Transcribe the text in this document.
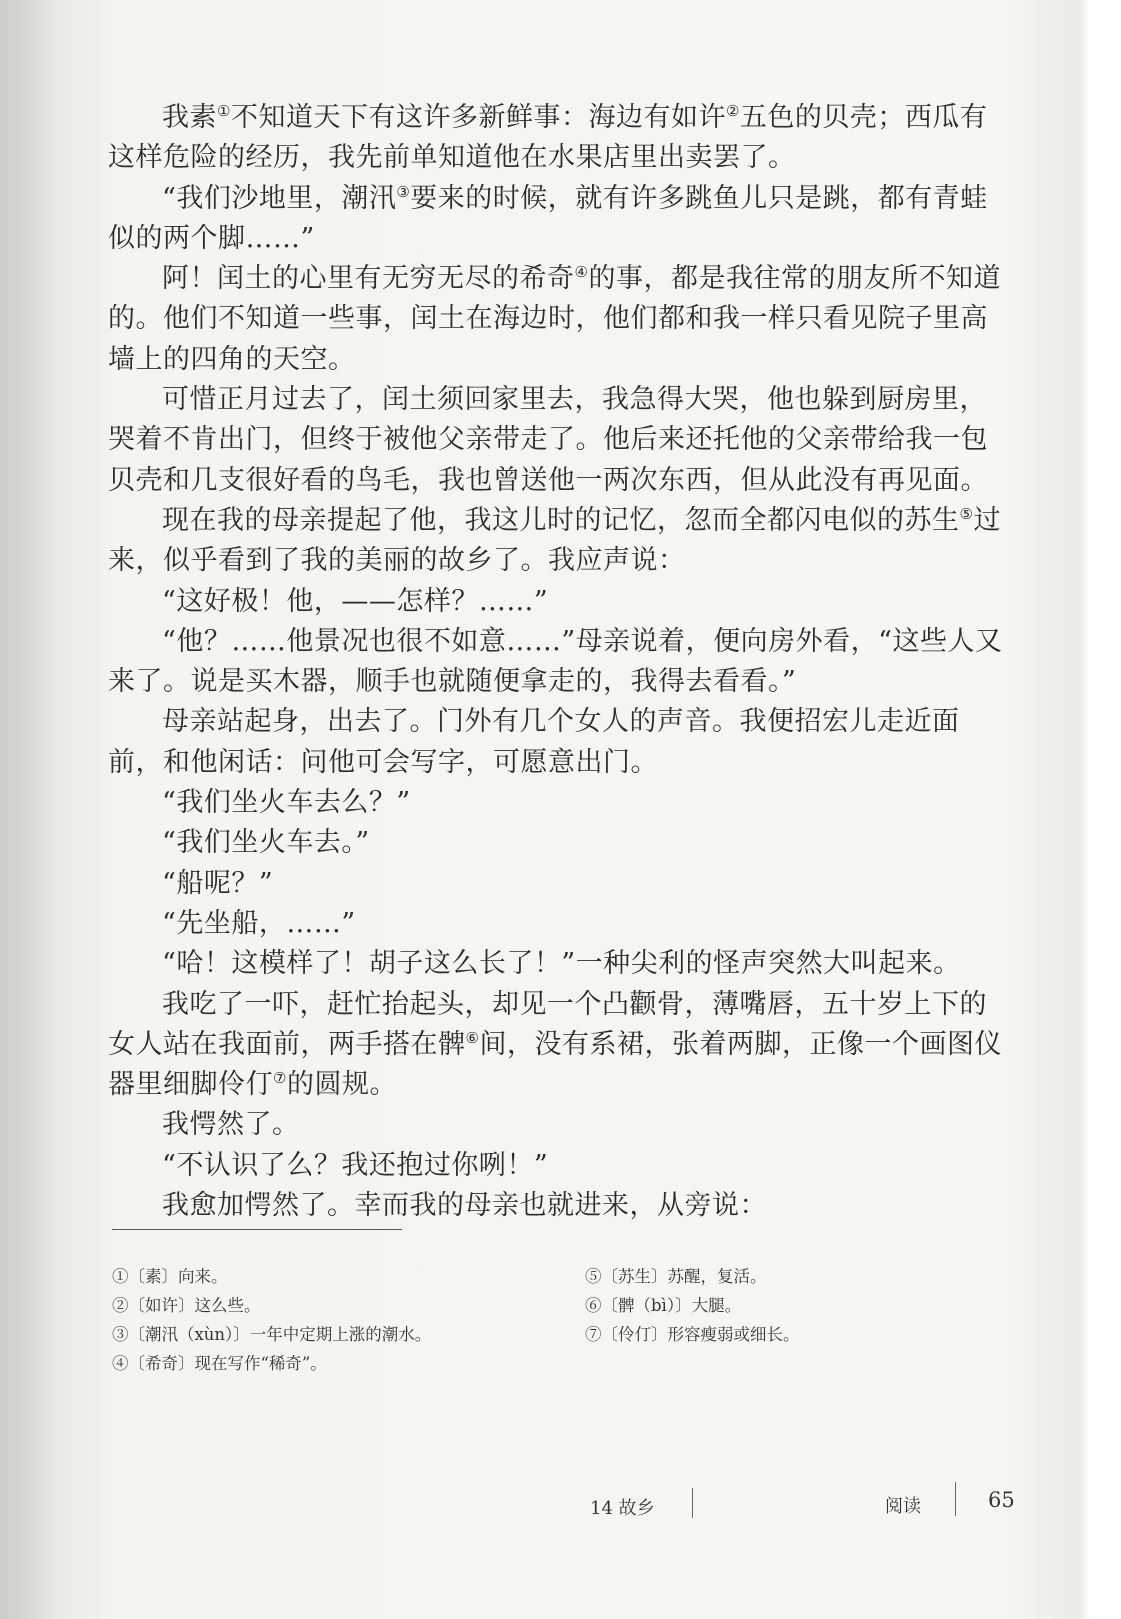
我素①不知道天下有这许多新鲜事：海边有如许②五色的贝壳；西瓜有这样危险的经历，我先前单知道他在水果店里出卖罢了。

“我们沙地里，潮汛③要来的时候，就有许多跳鱼儿只是跳，都有青蛙似的两个脚……”

阿！闰土的心里有无穷无尽的希奇④的事，都是我往常的朋友所不知道的。他们不知道一些事，闰土在海边时，他们都和我一样只看见院子里高墙上的四角的天空。

可惜正月过去了，闰土须回家里去，我急得大哭，他也躲到厨房里，哭着不肯出门，但终于被他父亲带走了。他后来还托他的父亲带给我一包贝壳和几支很好看的鸟毛，我也曾送他一两次东西，但从此没有再见面。

现在我的母亲提起了他，我这儿时的记忆，忽而全都闪电似的苏生⑤过来，似乎看到了我的美丽的故乡了。我应声说：

“这好极！他，——怎样？……”

“他？……他景况也很不如意……”母亲说着，便向房外看，“这些人又来了。说是买木器，顺手也就随便拿走的，我得去看看。”

母亲站起身，出去了。门外有几个女人的声音。我便招宏儿走近面前，和他闲话：问他可会写字，可愿意出门。

“我们坐火车去么？”

“我们坐火车去。”

“船呢？”

“先坐船，……”

“哈！这模样了！胡子这么长了！”一种尖利的怪声突然大叫起来。

我吃了一吓，赶忙抬起头，却见一个凸颧骨，薄嘴唇，五十岁上下的女人站在我面前，两手搭在髀⑥间，没有系裙，张着两脚，正像一个画图仪器里细脚伶仃⑦的圆规。

我愕然了。

“不认识了么？我还抱过你咧！”

我愈加愕然了。幸而我的母亲也就进来，从旁说：

①〔素〕向来。

②〔如许〕这么些。

③〔潮汛（xùn）〕一年中定期上涨的潮水。

④〔希奇〕现在写作“稀奇”。

⑤〔苏生〕苏醒，复活。

⑥〔髀（bì）〕大腿。

⑦〔伶仃〕形容瘦弱或细长。

14 故乡	阅读	65
